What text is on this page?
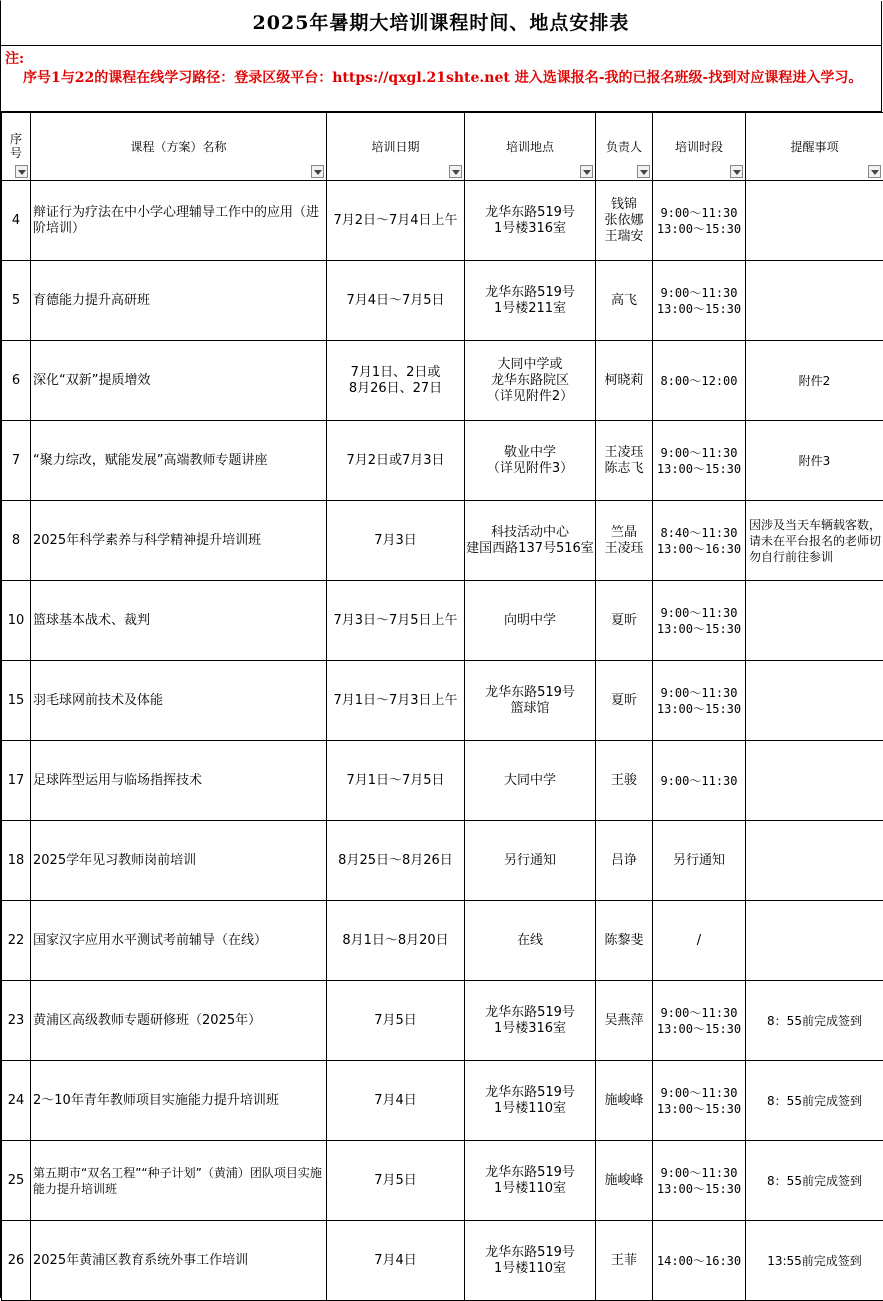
2025年暑期大培训课程时间、地点安排表
注:
序号1与22的课程在线学习路径：登录区级平台：https://qxgl.21shte.net 进入选课报名-我的已报名班级-找到对应课程进入学习。
序号	课程（方案）名称	培训日期	培训地点	负责人	培训时段	提醒事项

4	辩证行为疗法在中小学心理辅导工作中的应用（进阶培训）	7月2日～7月4日上午	龙华东路519号
1号楼316室	钱锦
张依娜
王瑞安	9:00～11:30
13:00～15:30	
5	育德能力提升高研班	7月4日～7月5日	龙华东路519号
1号楼211室	高飞	9:00～11:30
13:00～15:30	
6	深化“双新”提质增效	7月1日、2日或
8月26日、27日	大同中学或
龙华东路院区
（详见附件2）	柯晓莉	8:00～12:00	附件2
7	“聚力综改，赋能发展”高端教师专题讲座	7月2日或7月3日	敬业中学
（详见附件3）	王凌珏
陈志飞	9:00～11:30
13:00～15:30	附件3
8	2025年科学素养与科学精神提升培训班	7月3日	科技活动中心
建国西路137号516室	竺晶
王凌珏	8:40～11:30
13:00～16:30	因涉及当天车辆载客数，请未在平台报名的老师切勿自行前往参训
10	篮球基本战术、裁判	7月3日～7月5日上午	向明中学	夏昕	9:00～11:30
13:00～15:30	
15	羽毛球网前技术及体能	7月1日～7月3日上午	龙华东路519号
篮球馆	夏昕	9:00～11:30
13:00～15:30	
17	足球阵型运用与临场指挥技术	7月1日～7月5日	大同中学	王骏	9:00～11:30	
18	2025学年见习教师岗前培训	8月25日～8月26日	另行通知	吕诤	另行通知	
22	国家汉字应用水平测试考前辅导（在线）	8月1日～8月20日	在线	陈黎斐	/	
23	黄浦区高级教师专题研修班（2025年）	7月5日	龙华东路519号
1号楼316室	吴燕萍	9:00～11:30
13:00～15:30	8：55前完成签到
24	2～10年青年教师项目实施能力提升培训班	7月4日	龙华东路519号
1号楼110室	施峻峰	9:00～11:30
13:00～15:30	8：55前完成签到
25	第五期市“双名工程”“种子计划”（黄浦）团队项目实施能力提升培训班	7月5日	龙华东路519号
1号楼110室	施峻峰	9:00～11:30
13:00～15:30	8：55前完成签到
26	2025年黄浦区教育系统外事工作培训	7月4日	龙华东路519号
1号楼110室	王菲	14:00～16:30	13:55前完成签到
